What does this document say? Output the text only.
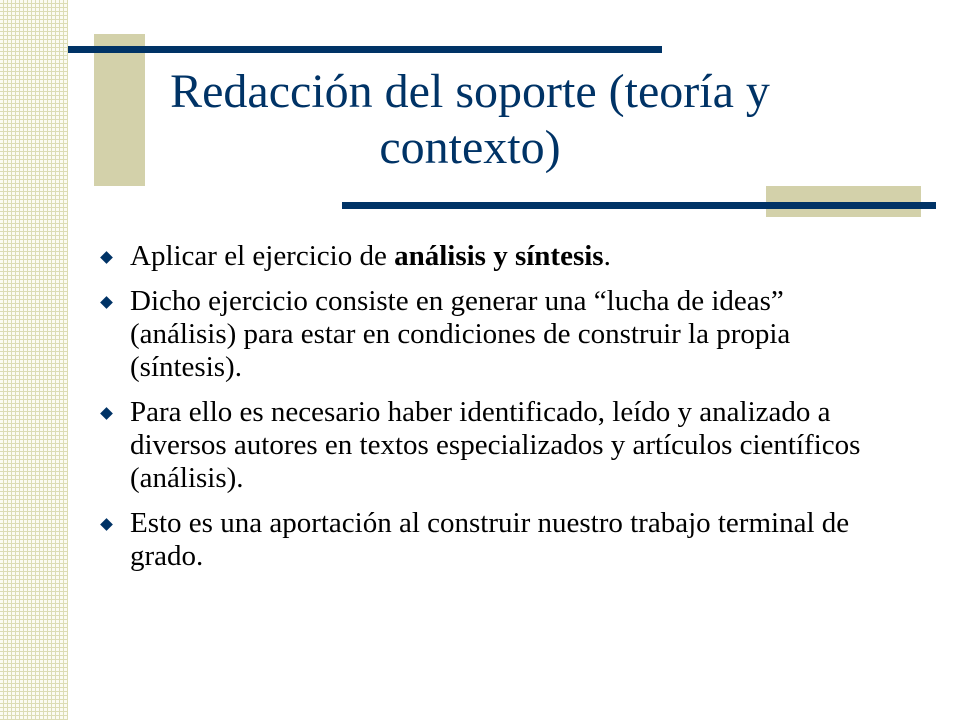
Redacción del soporte (teoría y contexto)
Aplicar el ejercicio de análisis y síntesis.
Dicho ejercicio consiste en generar una “lucha de ideas” (análisis) para estar en condiciones de construir la propia (síntesis).
Para ello es necesario haber identificado, leído y analizado a diversos autores en textos especializados y artículos científicos (análisis).
Esto es una aportación al construir nuestro trabajo terminal de grado.
